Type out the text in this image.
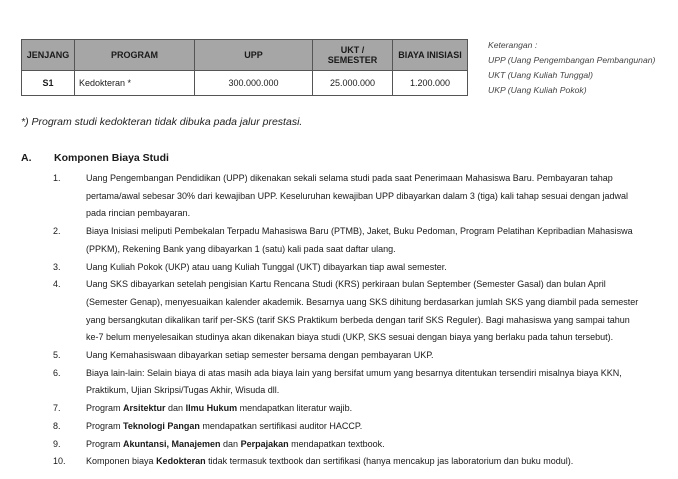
JENJANG	PROGRAM	UPP	UKT / SEMESTER	BIAYA INISIASI
S1	Kedokteran *	300.000.000	25.000.000	1.200.000
Keterangan :
UPP (Uang Pengembangan Pembangunan)
UKT (Uang Kuliah Tunggal)
UKP (Uang Kuliah Pokok)
*) Program studi kedokteran tidak dibuka pada jalur prestasi.
A. Komponen Biaya Studi
1.	Uang Pengembangan Pendidikan (UPP) dikenakan sekali selama studi pada saat Penerimaan Mahasiswa Baru. Pembayaran tahap
pertama/awal sebesar 30% dari kewajiban UPP. Keseluruhan kewajiban UPP dibayarkan dalam 3 (tiga) kali tahap sesuai dengan jadwal
pada rincian pembayaran.
2.	Biaya Inisiasi meliputi Pembekalan Terpadu Mahasiswa Baru (PTMB), Jaket, Buku Pedoman, Program Pelatihan Kepribadian Mahasiswa
(PPKM), Rekening Bank yang dibayarkan 1 (satu) kali pada saat daftar ulang.
3.	Uang Kuliah Pokok (UKP) atau uang Kuliah Tunggal (UKT) dibayarkan tiap awal semester.
4.	Uang SKS dibayarkan setelah pengisian Kartu Rencana Studi (KRS) perkiraan bulan September (Semester Gasal) dan bulan April
(Semester Genap), menyesuaikan kalender akademik. Besarnya uang SKS dihitung berdasarkan jumlah SKS yang diambil pada semester
yang bersangkutan dikalikan tarif per-SKS (tarif SKS Praktikum berbeda dengan tarif SKS Reguler). Bagi mahasiswa yang sampai tahun
ke-7 belum menyelesaikan studinya akan dikenakan biaya studi (UKP, SKS sesuai dengan biaya yang berlaku pada tahun tersebut).
5.	Uang Kemahasiswaan dibayarkan setiap semester bersama dengan pembayaran UKP.
6.	Biaya lain-lain: Selain biaya di atas masih ada biaya lain yang bersifat umum yang besarnya ditentukan tersendiri misalnya biaya KKN,
Praktikum, Ujian Skripsi/Tugas Akhir, Wisuda dll.
7.	Program Arsitektur dan Ilmu Hukum mendapatkan literatur wajib.
8.	Program Teknologi Pangan mendapatkan sertifikasi auditor HACCP.
9.	Program Akuntansi, Manajemen dan Perpajakan mendapatkan textbook.
10. Komponen biaya Kedokteran tidak termasuk textbook dan sertifikasi (hanya mencakup jas laboratorium dan buku modul).
